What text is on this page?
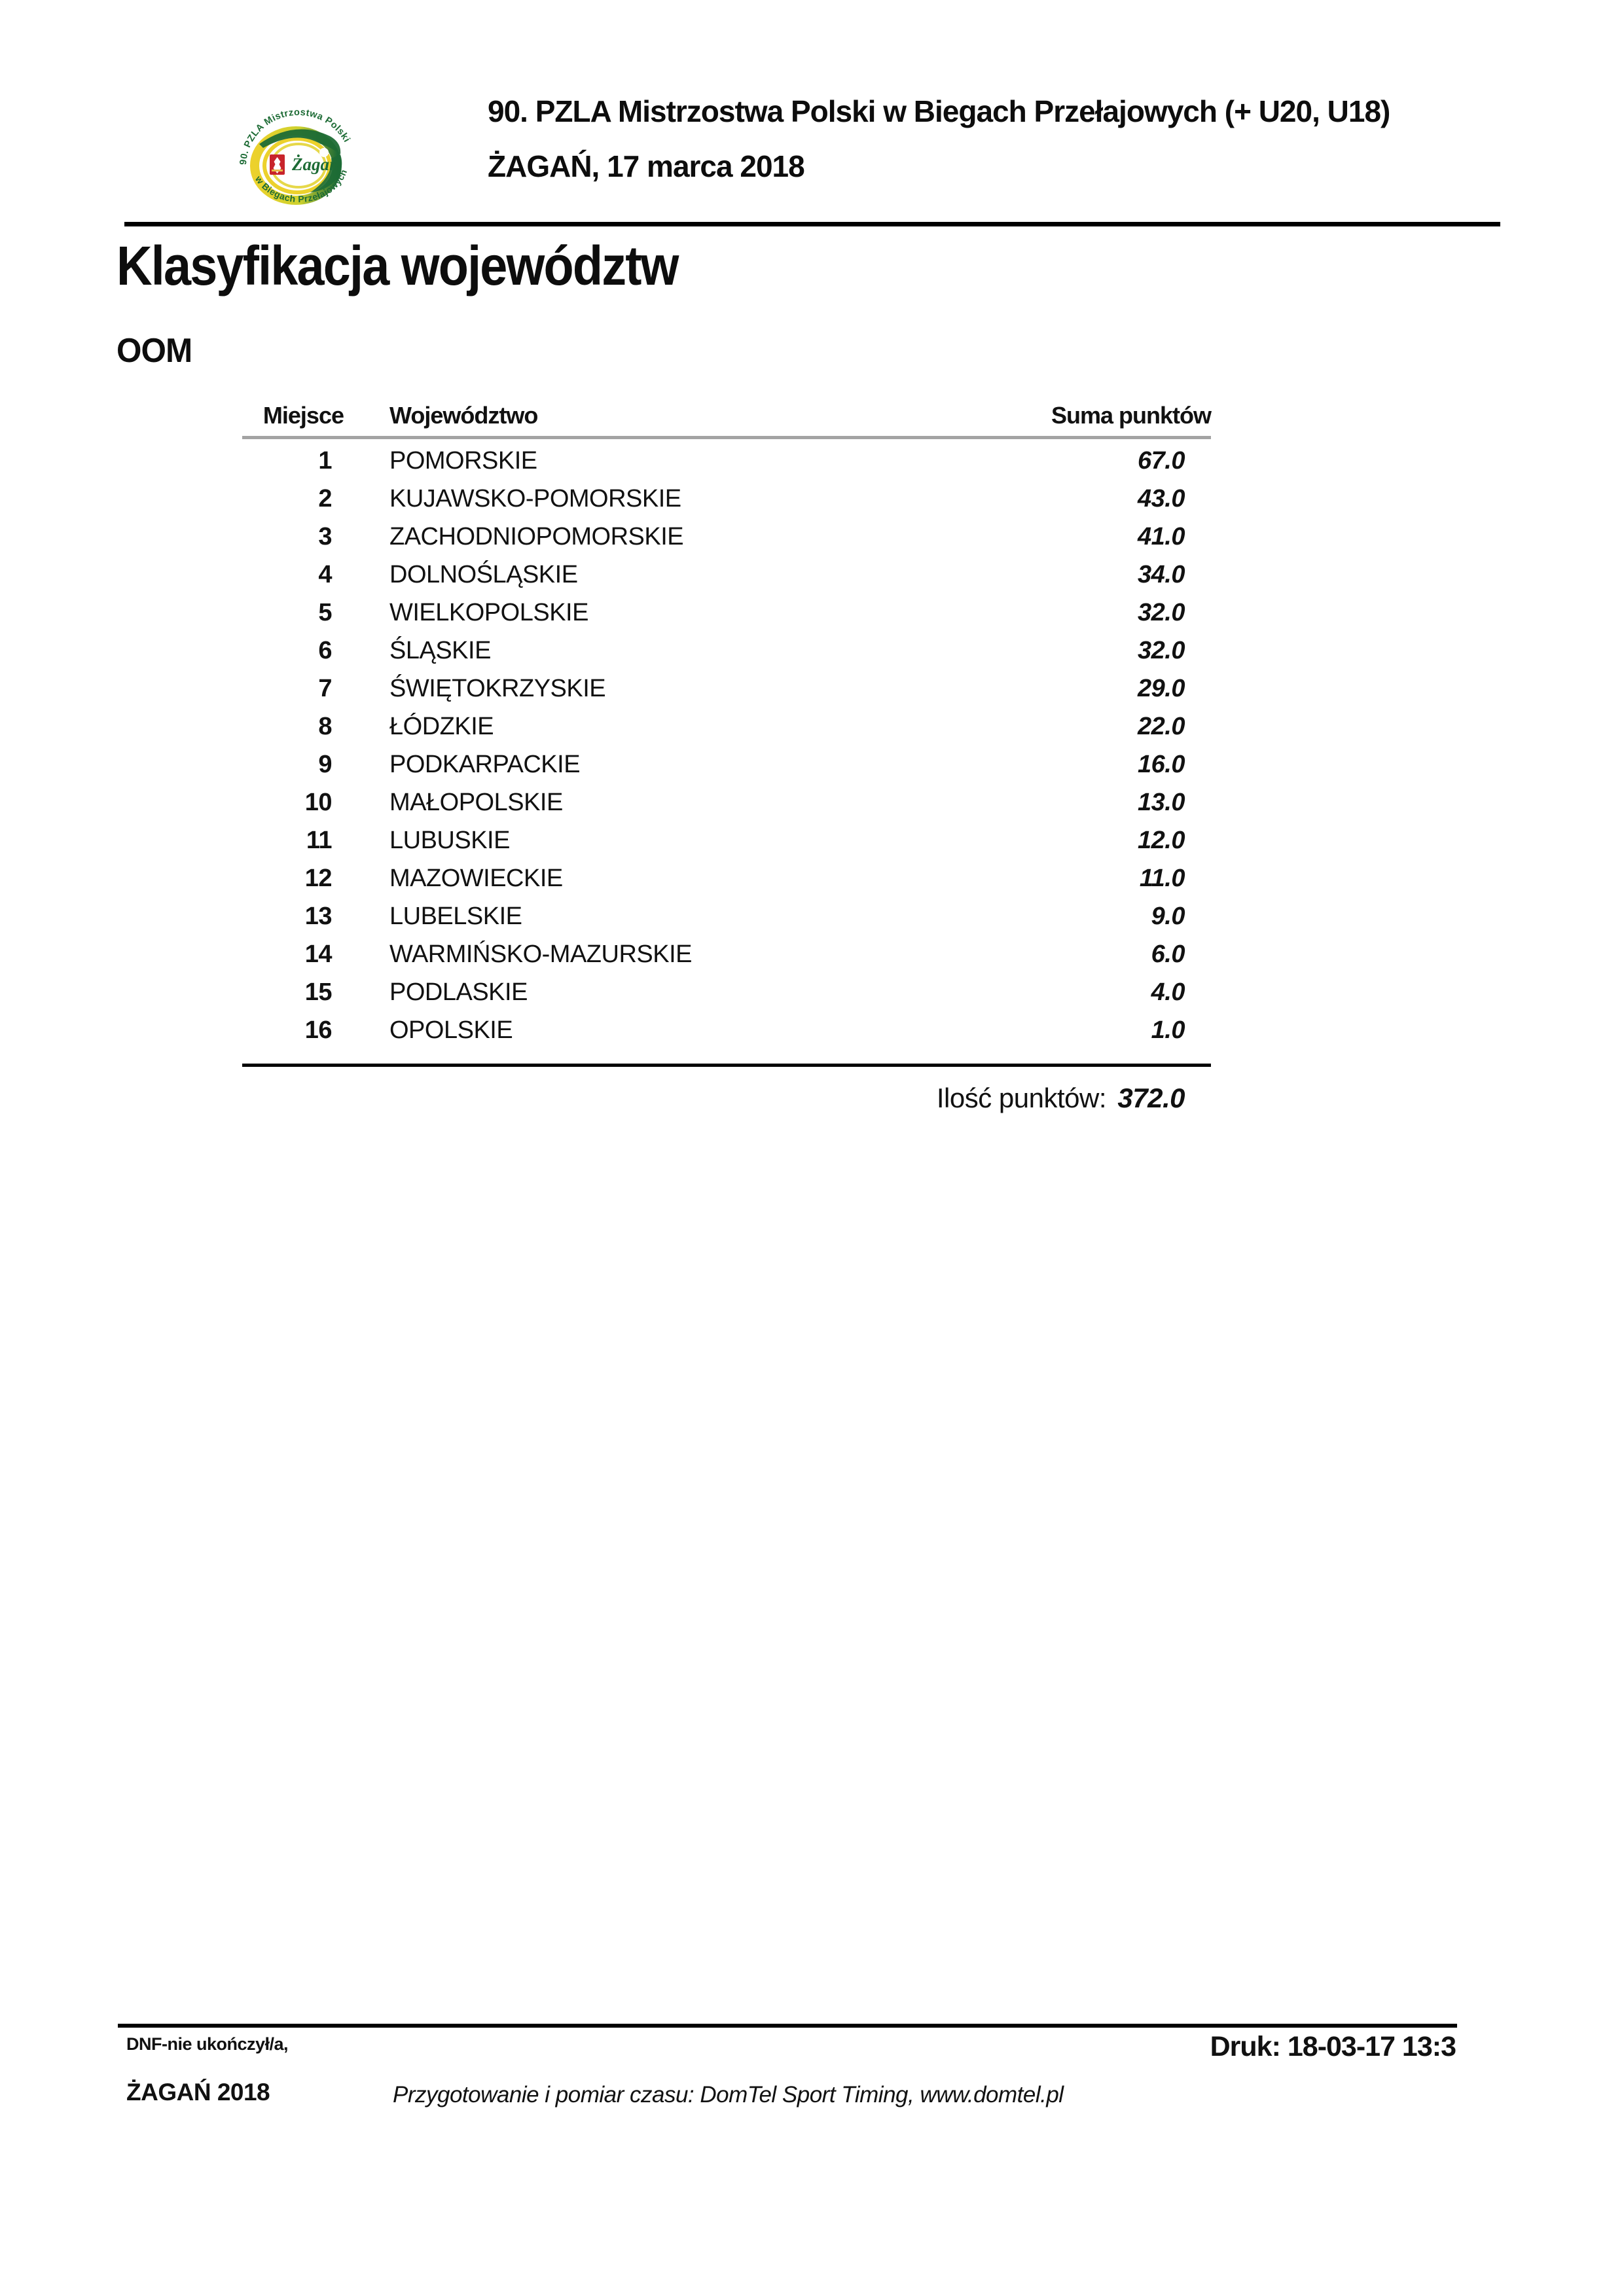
90. PZLA Mistrzostwa Polski
Żagań
w Biegach Przełajowych
90. PZLA Mistrzostwa Polski w Biegach Przełajowych (+ U20, U18)
ŻAGAŃ, 17 marca 2018
Klasyfikacja województw
OOM
Miejsce	Województwo	Suma punktów
1	POMORSKIE	67.0
2	KUJAWSKO-POMORSKIE	43.0
3	ZACHODNIOPOMORSKIE	41.0
4	DOLNOŚLĄSKIE	34.0
5	WIELKOPOLSKIE	32.0
6	ŚLĄSKIE	32.0
7	ŚWIĘTOKRZYSKIE	29.0
8	ŁÓDZKIE	22.0
9	PODKARPACKIE	16.0
10	MAŁOPOLSKIE	13.0
11	LUBUSKIE	12.0
12	MAZOWIECKIE	11.0
13	LUBELSKIE	9.0
14	WARMIŃSKO-MAZURSKIE	6.0
15	PODLASKIE	4.0
16	OPOLSKIE	1.0
Ilość punktów: 372.0
DNF-nie ukończył/a,	Druk: 18-03-17 13:3
ŻAGAŃ 2018	Przygotowanie i pomiar czasu: DomTel Sport Timing, www.domtel.pl
